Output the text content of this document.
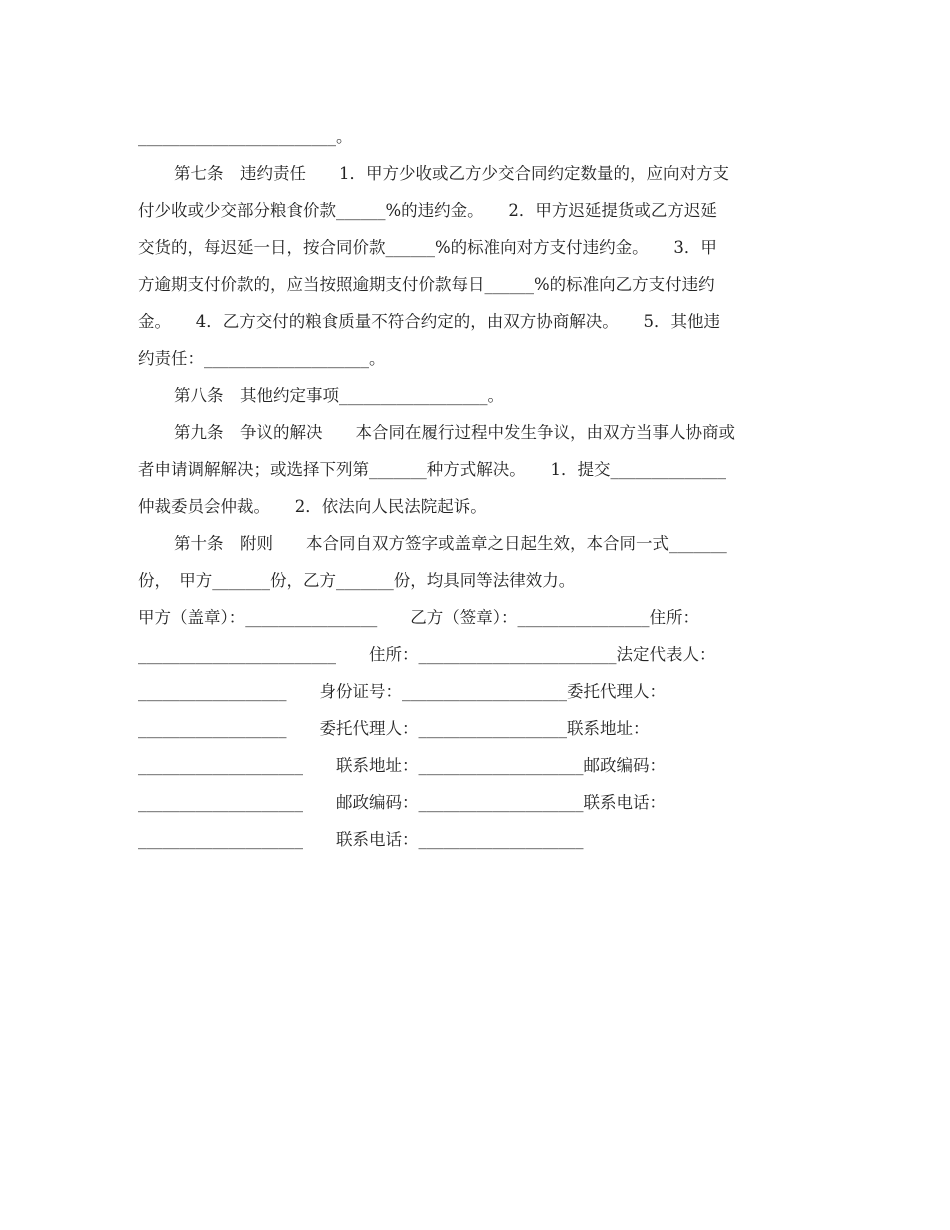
________________________。
第七条　违约责任　　1．甲方少收或乙方少交合同约定数量的，应向对方支
付少收或少交部分粮食价款______%的违约金。　　2．甲方迟延提货或乙方迟延
交货的，每迟延一日，按合同价款______%的标准向对方支付违约金。　　3．甲
方逾期支付价款的，应当按照逾期支付价款每日______%的标准向乙方支付违约
金。　　4．乙方交付的粮食质量不符合约定的，由双方协商解决。　　5．其他违
约责任：____________________。
第八条　其他约定事项__________________。
第九条　争议的解决　　本合同在履行过程中发生争议，由双方当事人协商或
者申请调解解决；或选择下列第_______种方式解决。　　1．提交______________
仲裁委员会仲裁。　　2．依法向人民法院起诉。
第十条　附则　　本合同自双方签字或盖章之日起生效，本合同一式_______
份，　甲方_______份，乙方_______份，均具同等法律效力。
甲方（盖章）：________________　　乙方（签章）：________________住所：
________________________　　住所：________________________法定代表人：
__________________　　身份证号：____________________委托代理人：
__________________　　委托代理人：__________________联系地址：
____________________　　联系地址：____________________邮政编码：
____________________　　邮政编码：____________________联系电话：
____________________　　联系电话：____________________
